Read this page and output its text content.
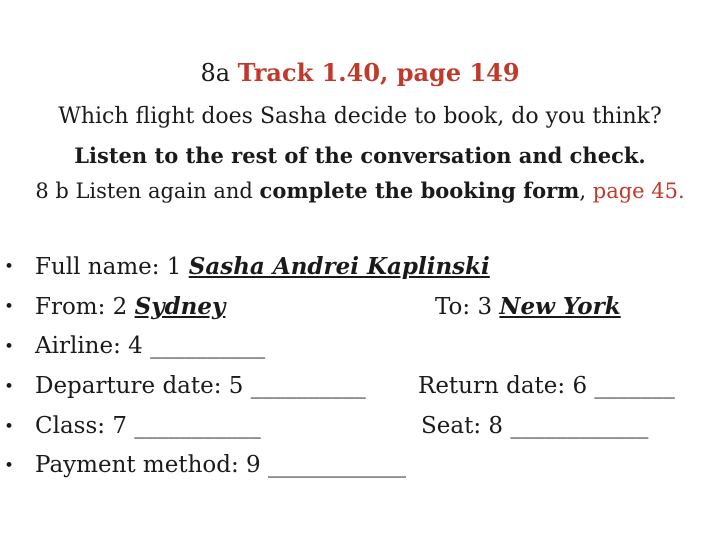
8a Track 1.40, page 149
Which flight does Sasha decide to book, do you think?
Listen to the rest of the conversation and check.
8 b Listen again and complete the booking form, page 45.
• Full name: 1 Sasha Andrei Kaplinski
• From: 2 Sydney	To: 3 New York
• Airline: 4 __________
• Departure date: 5 __________ Return date: 6 _______
• Class: 7 ___________	Seat: 8 ____________
• Payment method: 9 ____________
